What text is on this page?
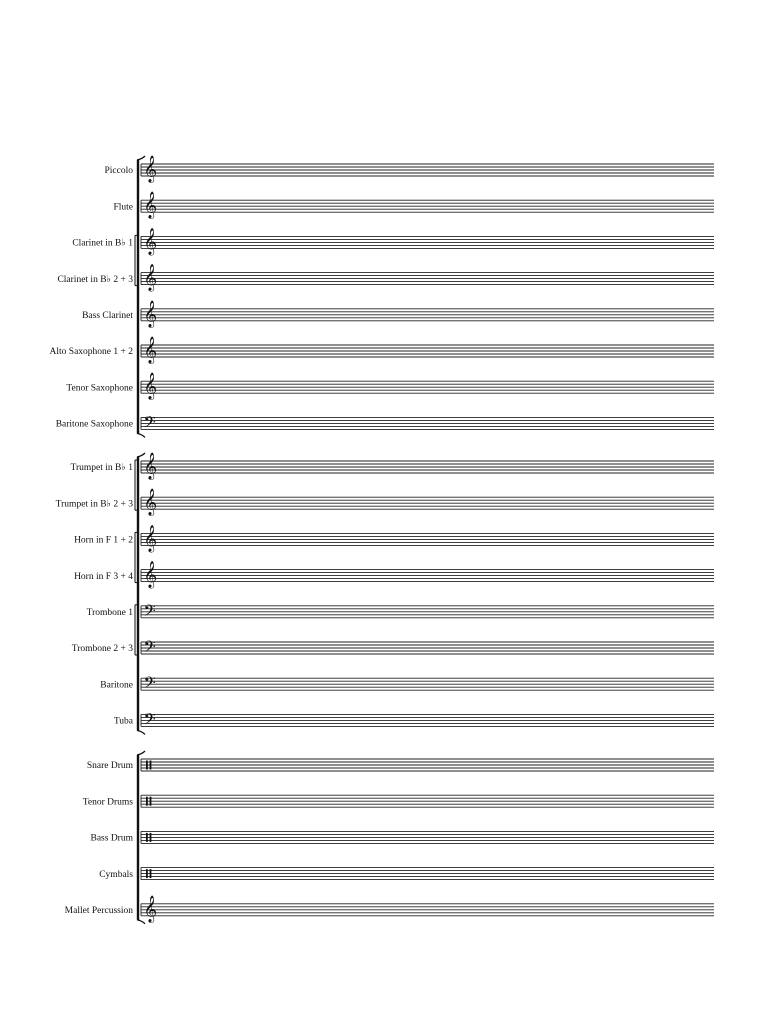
Piccolo 𝄞
Flute 𝄞
Clarinet in B♭ 1 𝄞
Clarinet in B♭ 2 + 3 𝄞
Bass Clarinet 𝄞
Alto Saxophone 1 + 2 𝄞
Tenor Saxophone 𝄞
Baritone Saxophone 𝄢
Trumpet in B♭ 1 𝄞
Trumpet in B♭ 2 + 3 𝄞
Horn in F 1 + 2 𝄞
Horn in F 3 + 4 𝄞
Trombone 1 𝄢
Trombone 2 + 3 𝄢
Baritone 𝄢
Tuba 𝄢
Snare Drum
Tenor Drums
Bass Drum
Cymbals
Mallet Percussion 𝄞
